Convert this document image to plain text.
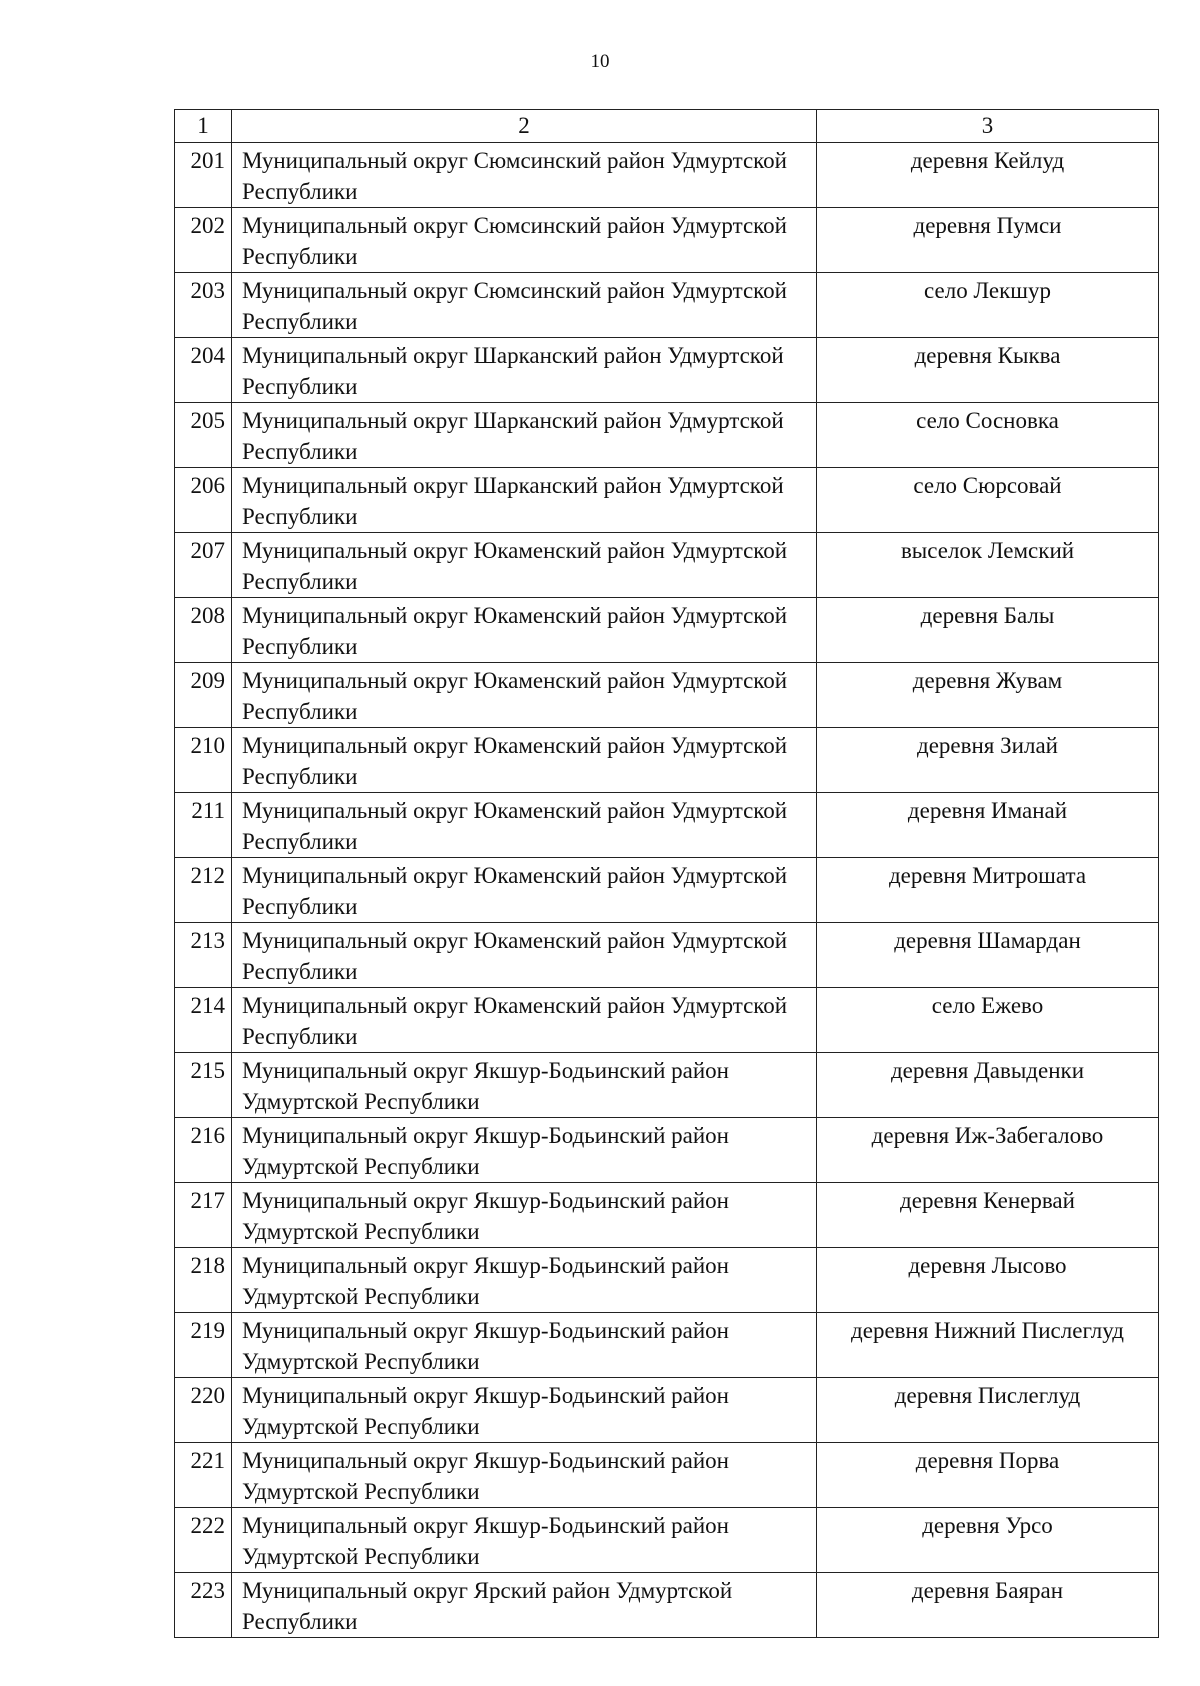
10
1	2	3
201	Муниципальный округ Сюмсинский район Удмуртской Республики	деревня Кейлуд
202	Муниципальный округ Сюмсинский район Удмуртской Республики	деревня Пумси
203	Муниципальный округ Сюмсинский район Удмуртской Республики	село Лекшур
204	Муниципальный округ Шарканский район Удмуртской Республики	деревня Кыква
205	Муниципальный округ Шарканский район Удмуртской Республики	село Сосновка
206	Муниципальный округ Шарканский район Удмуртской Республики	село Сюрсовай
207	Муниципальный округ Юкаменский район Удмуртской Республики	выселок Лемский
208	Муниципальный округ Юкаменский район Удмуртской Республики	деревня Балы
209	Муниципальный округ Юкаменский район Удмуртской Республики	деревня Жувам
210	Муниципальный округ Юкаменский район Удмуртской Республики	деревня Зилай
211	Муниципальный округ Юкаменский район Удмуртской Республики	деревня Иманай
212	Муниципальный округ Юкаменский район Удмуртской Республики	деревня Митрошата
213	Муниципальный округ Юкаменский район Удмуртской Республики	деревня Шамардан
214	Муниципальный округ Юкаменский район Удмуртской Республики	село Ежево
215	Муниципальный округ Якшур-Бодьинский район Удмуртской Республики	деревня Давыденки
216	Муниципальный округ Якшур-Бодьинский район Удмуртской Республики	деревня Иж-Забегалово
217	Муниципальный округ Якшур-Бодьинский район Удмуртской Республики	деревня Кенервай
218	Муниципальный округ Якшур-Бодьинский район Удмуртской Республики	деревня Лысово
219	Муниципальный округ Якшур-Бодьинский район Удмуртской Республики	деревня Нижний Пислеглуд
220	Муниципальный округ Якшур-Бодьинский район Удмуртской Республики	деревня Пислеглуд
221	Муниципальный округ Якшур-Бодьинский район Удмуртской Республики	деревня Порва
222	Муниципальный округ Якшур-Бодьинский район Удмуртской Республики	деревня Урсо
223	Муниципальный округ Ярский район Удмуртской Республики	деревня Баяран
